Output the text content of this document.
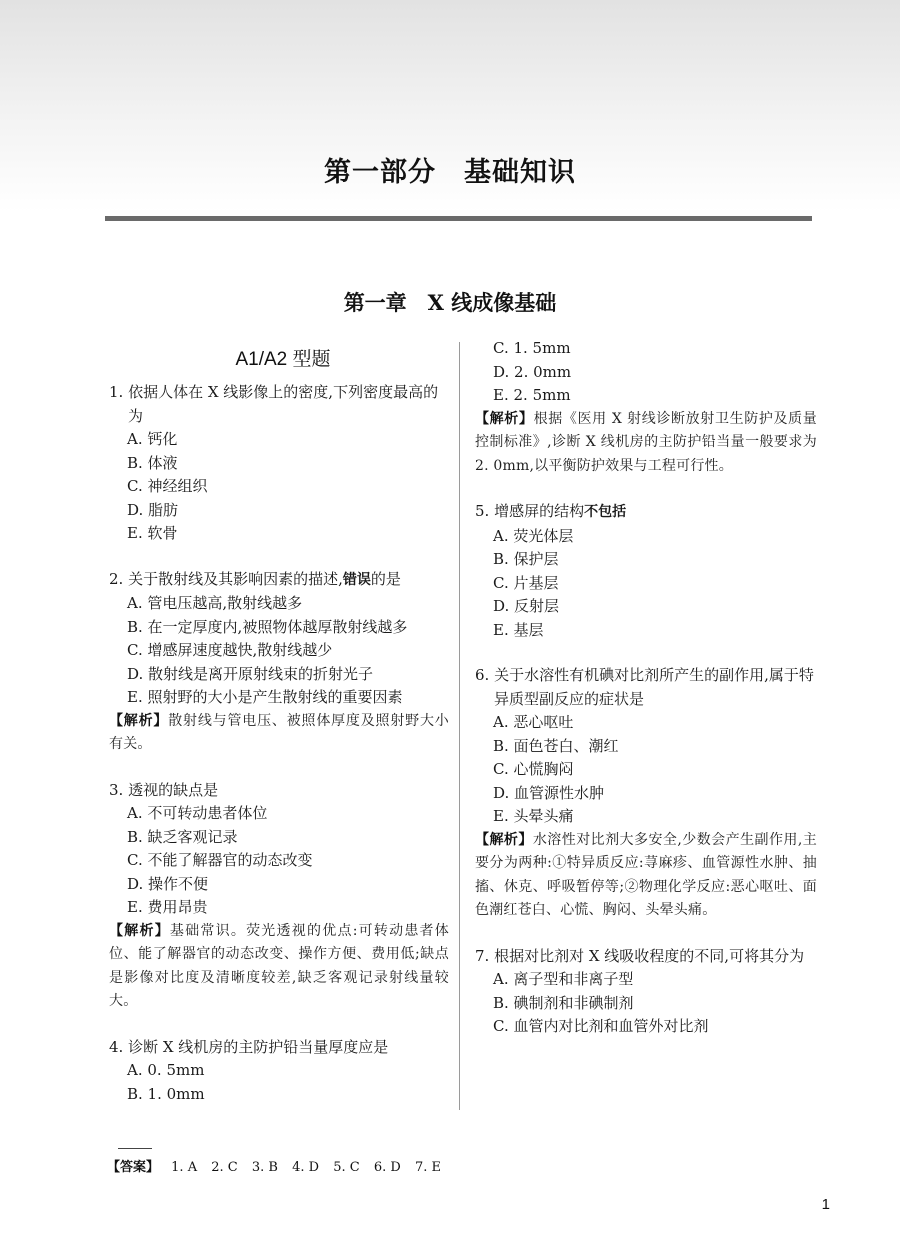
第一部分　基础知识
第一章　X 线成像基础
A1/A2 型题
1. 依据人体在 X 线影像上的密度,下列密度最高的为
A. 钙化
B. 体液
C. 神经组织
D. 脂肪
E. 软骨
2. 关于散射线及其影响因素的描述,错误的是
A. 管电压越高,散射线越多
B. 在一定厚度内,被照物体越厚散射线越多
C. 增感屏速度越快,散射线越少
D. 散射线是离开原射线束的折射光子
E. 照射野的大小是产生散射线的重要因素
【解析】散射线与管电压、被照体厚度及照射野大小有关。
3. 透视的缺点是
A. 不可转动患者体位
B. 缺乏客观记录
C. 不能了解器官的动态改变
D. 操作不便
E. 费用昂贵
【解析】基础常识。荧光透视的优点:可转动患者体位、能了解器官的动态改变、操作方便、费用低;缺点是影像对比度及清晰度较差,缺乏客观记录射线量较大。
4. 诊断 X 线机房的主防护铅当量厚度应是
A. 0. 5mm
B. 1. 0mm
C. 1. 5mm
D. 2. 0mm
E. 2. 5mm
【解析】根据《医用 X 射线诊断放射卫生防护及质量控制标准》,诊断 X 线机房的主防护铅当量一般要求为 2. 0mm,以平衡防护效果与工程可行性。
5. 增感屏的结构不包括
A. 荧光体层
B. 保护层
C. 片基层
D. 反射层
E. 基层
6. 关于水溶性有机碘对比剂所产生的副作用,属于特异质型副反应的症状是
A. 恶心呕吐
B. 面色苍白、潮红
C. 心慌胸闷
D. 血管源性水肿
E. 头晕头痛
【解析】水溶性对比剂大多安全,少数会产生副作用,主要分为两种:①特异质反应:荨麻疹、血管源性水肿、抽搐、休克、呼吸暂停等;②物理化学反应:恶心呕吐、面色潮红苍白、心慌、胸闷、头晕头痛。
7. 根据对比剂对 X 线吸收程度的不同,可将其分为
A. 离子型和非离子型
B. 碘制剂和非碘制剂
C. 血管内对比剂和血管外对比剂
【答案】 1. A 2. C 3. B 4. D 5. C 6. D 7. E
1
